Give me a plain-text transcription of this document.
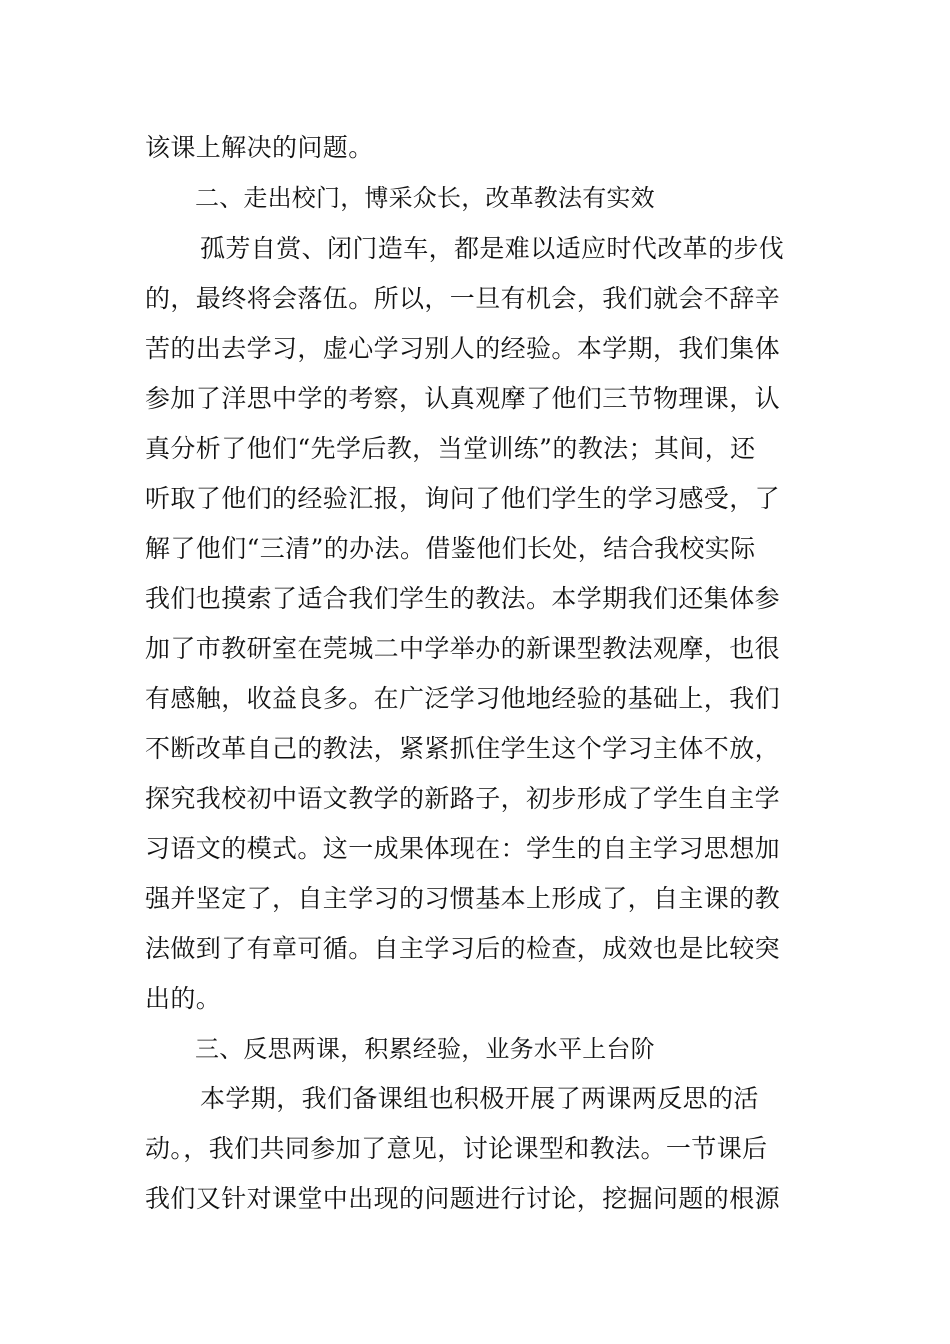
该课上解决的问题。
二、走出校门，博采众长，改革教法有实效
孤芳自赏、闭门造车，都是难以适应时代改革的步伐
的，最终将会落伍。所以，一旦有机会，我们就会不辞辛
苦的出去学习，虚心学习别人的经验。本学期，我们集体
参加了洋思中学的考察，认真观摩了他们三节物理课，认
真分析了他们“先学后教，当堂训练”的教法；其间，还
听取了他们的经验汇报，询问了他们学生的学习感受，了
解了他们“三清”的办法。借鉴他们长处，结合我校实际
我们也摸索了适合我们学生的教法。本学期我们还集体参
加了市教研室在莞城二中学举办的新课型教法观摩，也很
有感触，收益良多。在广泛学习他地经验的基础上，我们
不断改革自己的教法，紧紧抓住学生这个学习主体不放，
探究我校初中语文教学的新路子，初步形成了学生自主学
习语文的模式。这一成果体现在：学生的自主学习思想加
强并坚定了，自主学习的习惯基本上形成了，自主课的教
法做到了有章可循。自主学习后的检查，成效也是比较突
出的。
三、反思两课，积累经验，业务水平上台阶
本学期，我们备课组也积极开展了两课两反思的活
动。，我们共同参加了意见，讨论课型和教法。一节课后
我们又针对课堂中出现的问题进行讨论，挖掘问题的根源
